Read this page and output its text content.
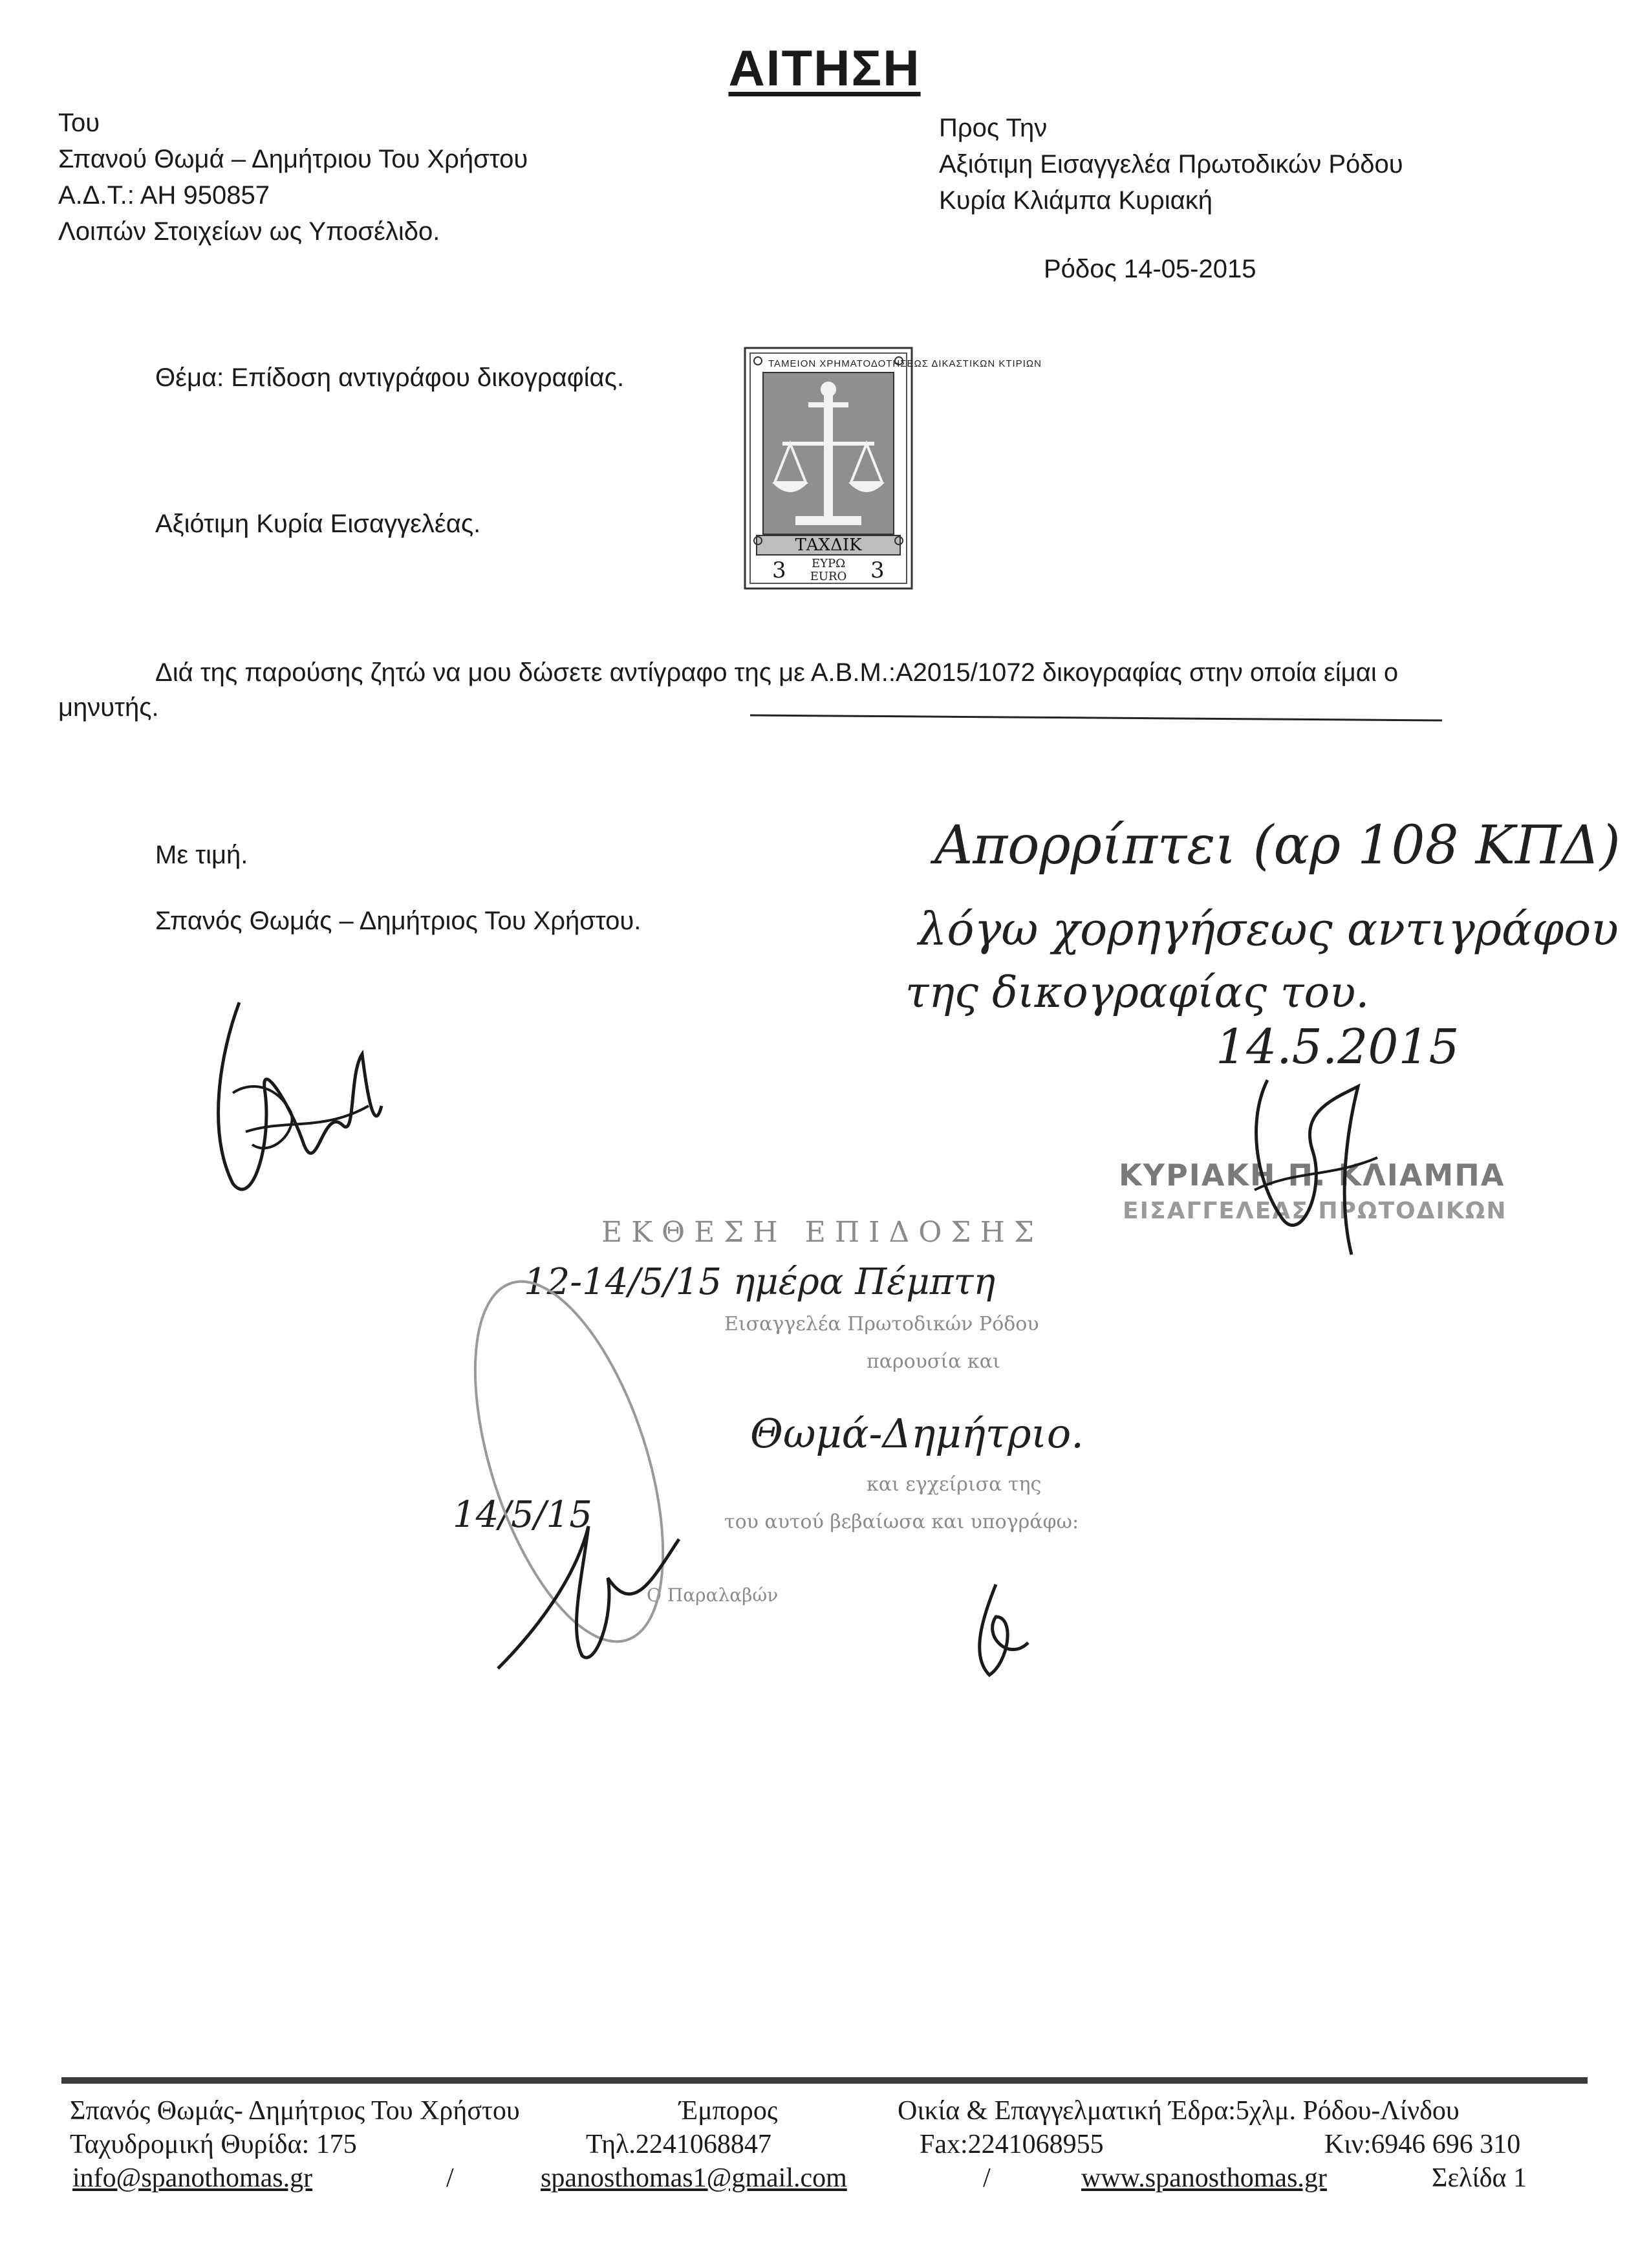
ΑΙΤΗΣΗ
Του
Σπανού Θωμά – Δημήτριου Του Χρήστου
Α.Δ.Τ.: ΑΗ 950857
Λοιπών Στοιχείων ως Υποσέλιδο.
Προς Την
Αξιότιμη Εισαγγελέα Πρωτοδικών Ρόδου
Κυρία Κλιάμπα Κυριακή
Ρόδος 14-05-2015
Θέμα: Επίδοση αντιγράφου δικογραφίας.	ΤΑΜΕΙΟΝ ΧΡΗΜΑΤΟΔΟΤΗΣΕΩΣ ΔΙΚΑΣΤΙΚΩΝ ΚΤΙΡΙΩΝ
ΤΑΧΔΙΚ
3	ΕΥΡΩ
EURO 3
Αξιότιμη Κυρία Εισαγγελέας.
Διά της παρούσης ζητώ να μου δώσετε αντίγραφο της με Α.Β.Μ.:Α2015/1072 δικογραφίας στην οποία είμαι ο
μηνυτής.
Με τιμή.
Σπανός Θωμάς – Δημήτριος Του Χρήστου.
Απορρίπτει (αρ 108 ΚΠΔ)
λόγω χορηγήσεως αντιγράφου
της δικογραφίας του.
14.5.2015
ΚΥΡΙΑΚΗ Π. ΚΛΙΑΜΠΑ
ΕΙΣΑΓΓΕΛΕΑΣ ΠΡΩΤΟΔΙΚΩΝ
ΕΚΘΕΣΗ ΕΠΙΔΟΣΗΣ
12-14/5/15 ημέρα Πέμπτη
Εισαγγελέα Πρωτοδικών Ρόδου
παρουσία και
Θωμά-Δημήτριο.
και εγχείρισα της
του αυτού βεβαίωσα και υπογράφω:
14/5/15
Ο Παραλαβών
Σπανός Θωμάς- Δημήτριος Του Χρήστου	Έμπορος	Οικία & Επαγγελματική Έδρα:5χλμ. Ρόδου-Λίνδου
Ταχυδρομική Θυρίδα: 175	Τηλ.2241068847	Fax:2241068955	Κιν:6946 696 310
info@spanothomas.gr	/	spanosthomas1@gmail.com	/	www.spanosthomas.gr	Σελίδα 1
